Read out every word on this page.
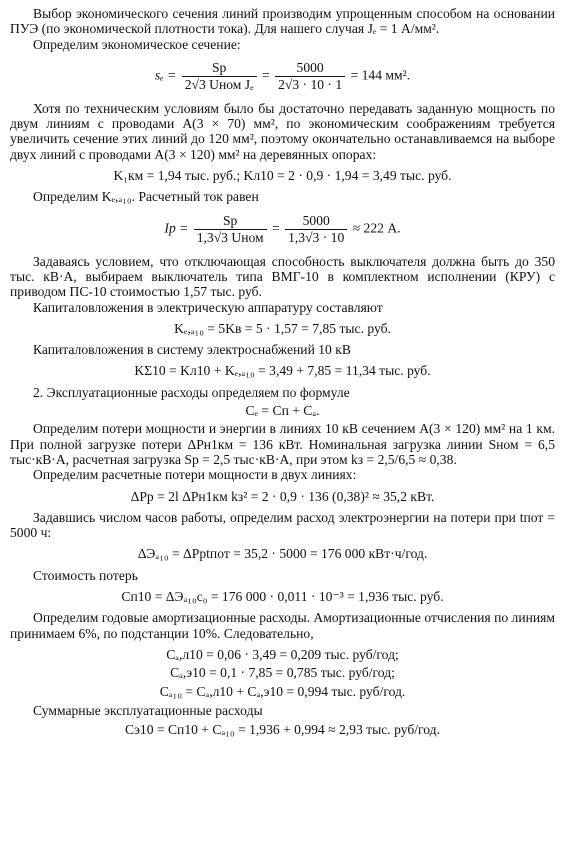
Выбор экономического сечения линий производим упрощенным способом на основании ПУЭ (по экономической плотности тока). Для нашего случая Jₑ = 1 А/мм².

Определим экономическое сечение:

$s_e = \frac{Sр}{\text{2√3 Uном Jₑ}} = \frac{5000}{2√3 \cdot 10 \cdot 1} = 144$ мм².

Хотя по техническим условиям было бы достаточно передавать заданную мощность по двум линиям с проводами А(3 × 70) мм², по экономическим соображениям требуется увеличить сечение этих линий до 120 мм², поэтому окончательно останавливаемся на выборе двух линий с проводами А(3 × 120) мм² на деревянных опорах:

K₁км = 1,94 тыс. руб.; Kл10 = 2 · 0,9 · 1,94 = 3,49 тыс. руб.

Определим Kₑ,ₐ₁₀. Расчетный ток равен

Iр = $\frac{Sр}{\text{1,3√3 Uном}} = \frac{5000}{1,3√3 \cdot 10} \approx 222$ А.

Задаваясь условием, что отключающая способность выключателя должна быть до 350 тыс. кВ·А, выбираем выключатель типа ВМГ-10 в комплектном исполнении (КРУ) с приводом ПС-10 стоимостью 1,57 тыс. руб.

Капиталовложения в электрическую аппаратуру составляют

Kₑ,ₐ₁₀ = 5Kв = 5 · 1,57 = 7,85 тыс. руб.

Капиталовложения в систему электроснабжений 10 кВ

KΣ10 = Kл10 + Kₑ,ₐ₁₀ = 3,49 + 7,85 = 11,34 тыс. руб.

2. Эксплуатационные расходы определяем по формуле

Cₑ = Cп + Cₐ.

Определим потери мощности и энергии в линиях 10 кВ сечением А(3 × 120) мм² на 1 км. При полной загрузке потери ΔPн1км = 136 кВт. Номинальная загрузка линии Sном = 6,5 тыс·кВ·А, расчетная загрузка Sр = 2,5 тыс·кВ·А, при этом kз = 2,5/6,5 ≈ 0,38.

Определим расчетные потери мощности в двух линиях:

ΔPр = 2l ΔPн1км kз² = 2 · 0,9 · 136 (0,38)² ≈ 35,2 кВт.

Задавшись числом часов работы, определим расход электроэнергии на потери при tпот = 5000 ч:

ΔЭₐ₁₀ = ΔPрtпот = 35,2 · 5000 = 176 000 кВт·ч/год.

Стоимость потерь

Cп10 = ΔЭₐ₁₀c₀ = 176 000 · 0,011 · 10⁻³ = 1,936 тыс. руб.

Определим годовые амортизационные расходы. Амортизационные отчисления по линиям принимаем 6%, по подстанции 10%. Следовательно,

Cₐ,л10 = 0,06 · 3,49 = 0,209 тыс. руб/год;
Cₐ,э10 = 0,1 · 7,85 = 0,785 тыс. руб/год;
Cₐ₁₀ = Cₐ,л10 + Cₐ,э10 = 0,994 тыс. руб/год.

Суммарные эксплуатационные расходы

Cэ10 = Cп10 + Cₐ₁₀ = 1,936 + 0,994 ≈ 2,93 тыс. руб/год.
